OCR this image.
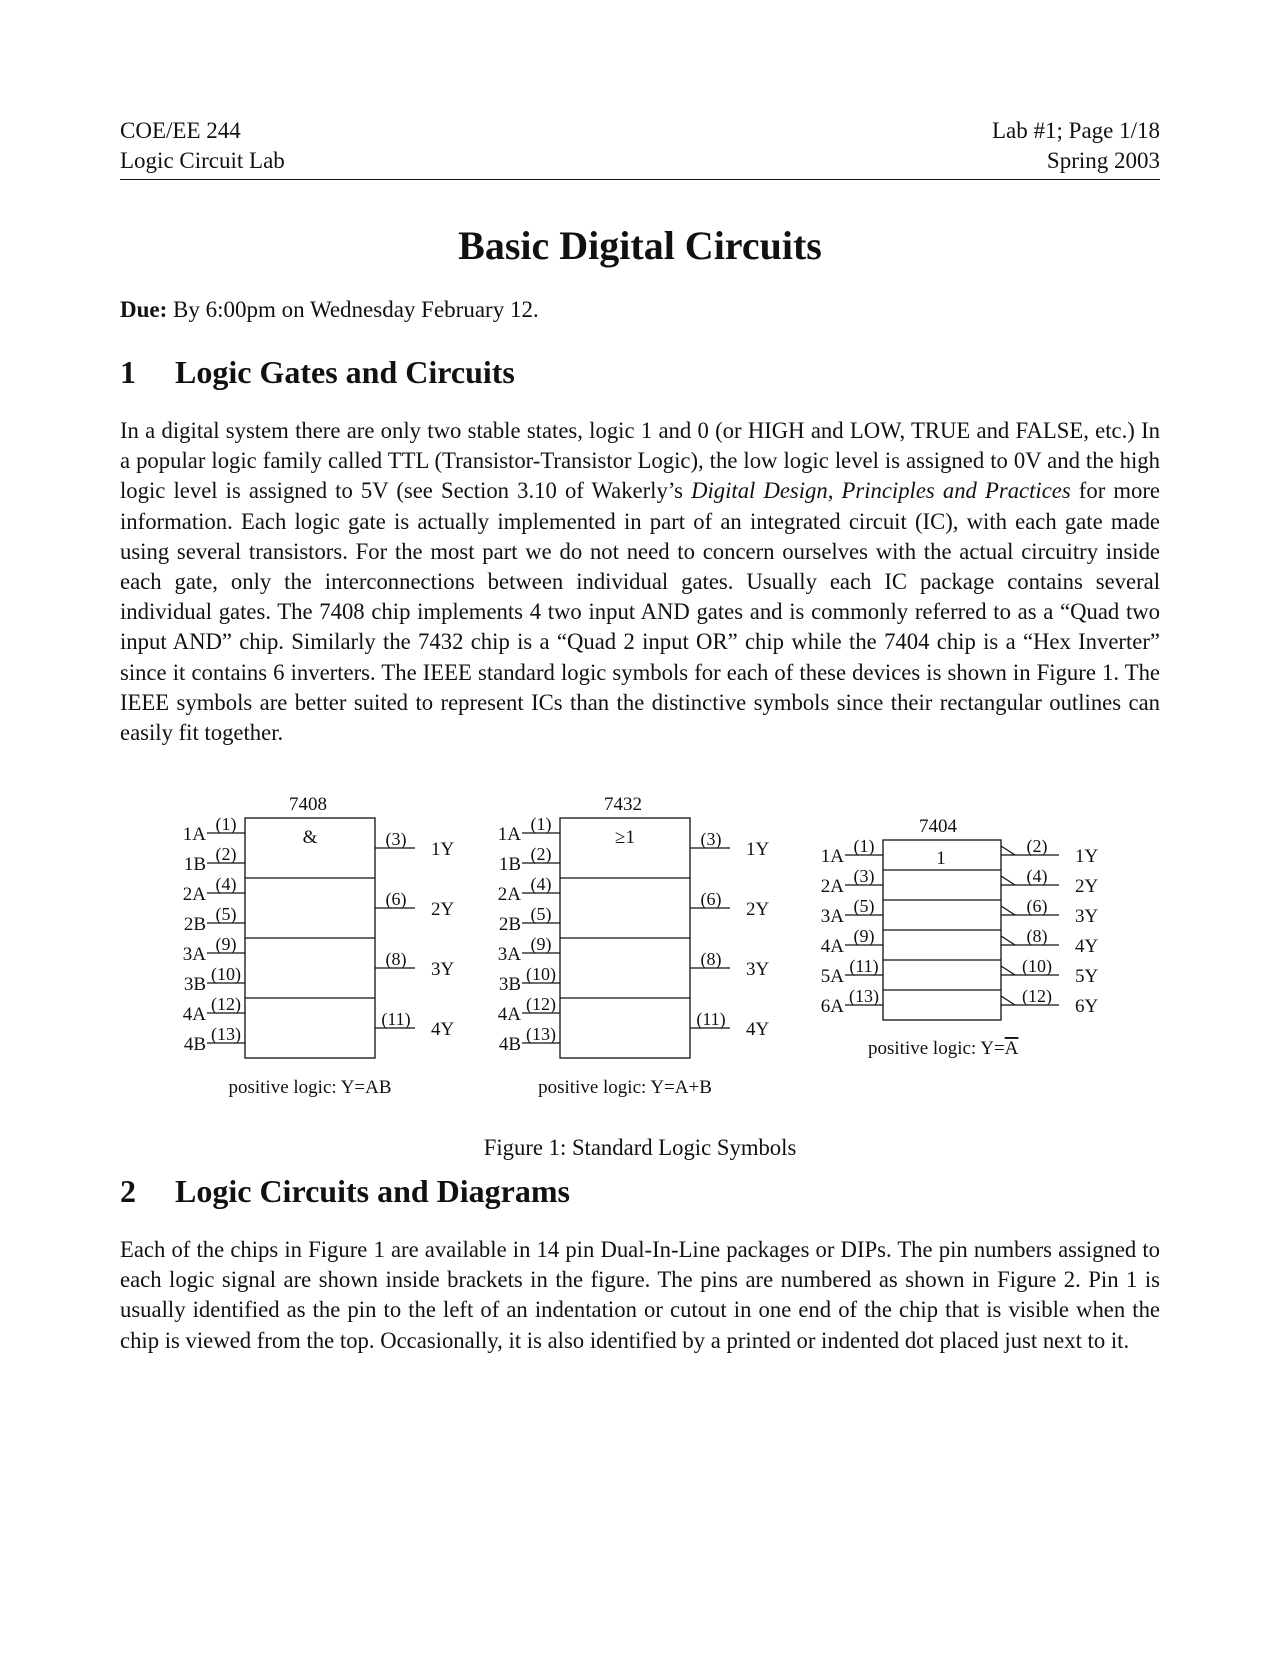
COE/EE 244
Logic Circuit Lab
Lab #1; Page 1/18
Spring 2003
Basic Digital Circuits
Due: By 6:00pm on Wednesday February 12.
1 Logic Gates and Circuits

In a digital system there are only two stable states, logic 1 and 0 (or HIGH and LOW, TRUE and FALSE, etc.) In a popular logic family called TTL (Transistor-Transistor Logic), the low logic level is assigned to 0V and the high logic level is assigned to 5V (see Section 3.10 of Wakerly’s Digital Design, Principles and Practices for more information. Each logic gate is actually implemented in part of an integrated circuit (IC), with each gate made using several transistors. For the most part we do not need to concern ourselves with the actual circuitry inside each gate, only the interconnections between individual gates. Usually each IC package contains several individual gates. The 7408 chip implements 4 two input AND gates and is commonly referred to as a “Quad two input AND” chip. Similarly the 7432 chip is a “Quad 2 input OR” chip while the 7404 chip is a “Hex Inverter” since it contains 6 inverters. The IEEE standard logic symbols for each of these devices is shown in Figure 1. The IEEE symbols are better suited to represent ICs than the distinctive symbols since their rectangular outlines can easily fit together.

7408
&
1A (1)
1B (2)
2A (4)
2B (5)
3A (9)
3B (10)
4A (12)
4B (13)
(3) 1Y
(6) 2Y
(8) 3Y
(11) 4Y
positive logic: Y=AB
7432
≥1
1A (1)
1B (2)
2A (4)
2B (5)
3A (9)
3B (10)
4A (12)
4B (13)
(3) 1Y
(6) 2Y
(8) 3Y
(11) 4Y
positive logic: Y=A+B
7404
1
1A (1)
2A (3)
3A (5)
4A (9)
5A (11)
6A (13)
(2) 1Y
(4) 2Y
(6) 3Y
(8) 4Y
(10) 5Y
(12) 6Y
positive logic: Y=A
Figure 1: Standard Logic Symbols
2 Logic Circuits and Diagrams

Each of the chips in Figure 1 are available in 14 pin Dual-In-Line packages or DIPs. The pin numbers assigned to each logic signal are shown inside brackets in the figure. The pins are numbered as shown in Figure 2. Pin 1 is usually identified as the pin to the left of an indentation or cutout in one end of the chip that is visible when the chip is viewed from the top. Occasionally, it is also identified by a printed or indented dot placed just next to it.
